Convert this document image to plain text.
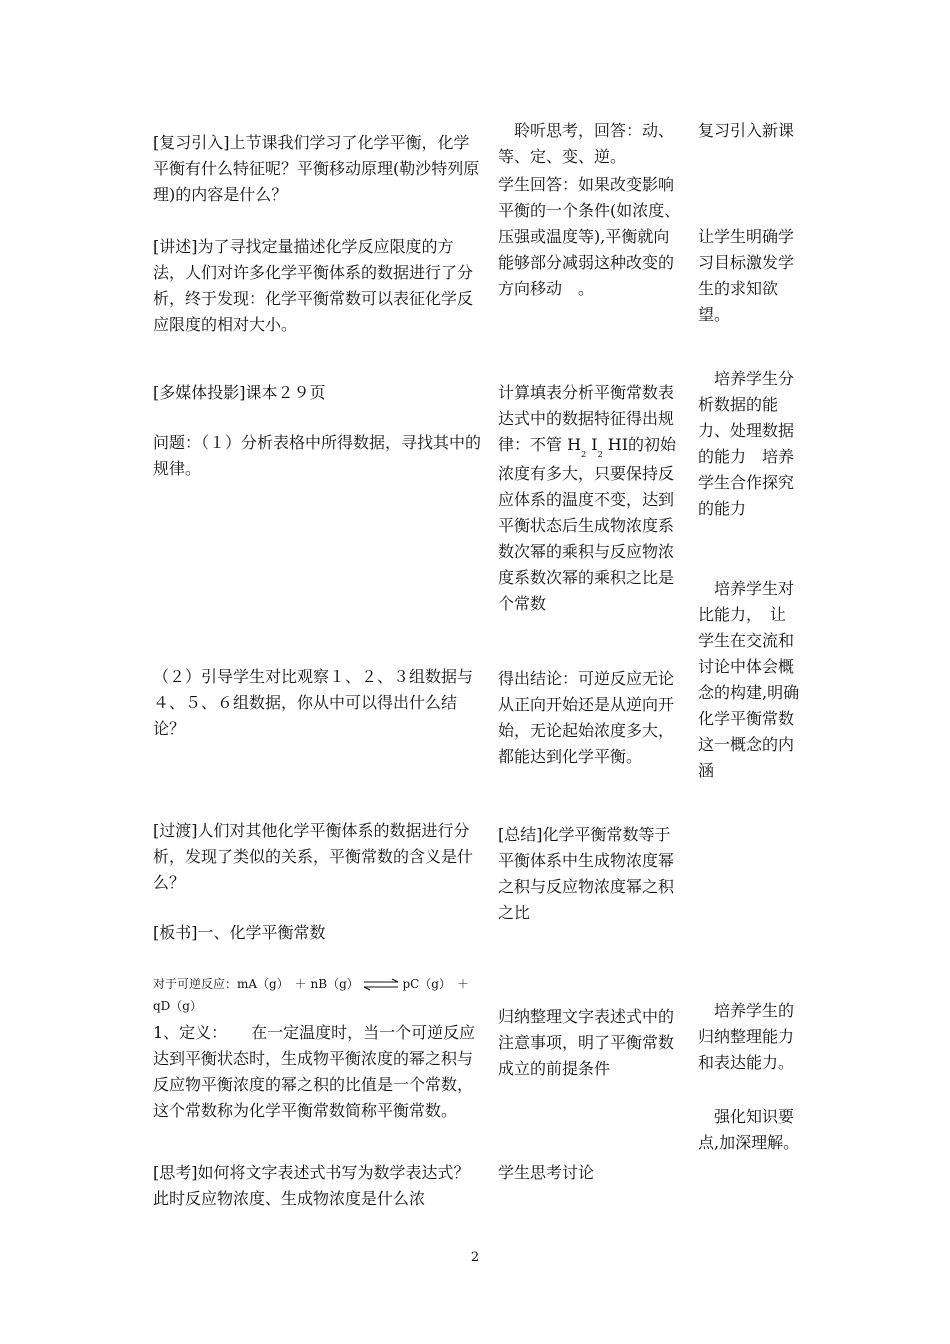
[复习引入]上节课我们学习了化学平衡，化学平衡有什么特征呢？平衡移动原理(勒沙特列原理)的内容是什么？
[讲述]为了寻找定量描述化学反应限度的方法，人们对许多化学平衡体系的数据进行了分析，终于发现：化学平衡常数可以表征化学反应限度的相对大小。
[多媒体投影]课本２９页
问题：（１）分析表格中所得数据，寻找其中的规律。
（２）引导学生对比观察１、２、３组数据与４、５、６组数据，你从中可以得出什么结论？
[过渡]人们对其他化学平衡体系的数据进行分析，发现了类似的关系，平衡常数的含义是什么？
[板书]一、化学平衡常数
对于可逆反应：mA（g）　＋ nB（g） ⇌ pC（g）　＋
qD（g）
1、定义：　　在一定温度时，当一个可逆反应达到平衡状态时，生成物平衡浓度的幂之积与反应物平衡浓度的幂之积的比值是一个常数，这个常数称为化学平衡常数简称平衡常数。
[思考]如何将文字表述式书写为数学表达式？此时反应物浓度、生成物浓度是什么浓
　聆听思考，回答：动、等、定、变、逆。
学生回答：如果改变影响平衡的一个条件(如浓度、压强或温度等),平衡就向能够部分减弱这种改变的方向移动　。
计算填表分析平衡常数表达式中的数据特征得出规律：不管 $H_2$ $I_2$ HI的初始浓度有多大，只要保持反应体系的温度不变，达到平衡状态后生成物浓度系数次幂的乘积与反应物浓度系数次幂的乘积之比是个常数
得出结论：可逆反应无论从正向开始还是从逆向开始，无论起始浓度多大，都能达到化学平衡。
[总结]化学平衡常数等于平衡体系中生成物浓度幂之积与反应物浓度幂之积之比
归纳整理文字表述式中的注意事项，明了平衡常数成立的前提条件
学生思考讨论
复习引入新课
让学生明确学习目标激发学生的求知欲望。
　培养学生分析数据的能力、处理数据的能力　培养学生合作探究的能力
　培养学生对比能力，　让学生在交流和讨论中体会概念的构建,明确化学平衡常数这一概念的内涵
　培养学生的归纳整理能力和表达能力。
　强化知识要点,加深理解。
2
